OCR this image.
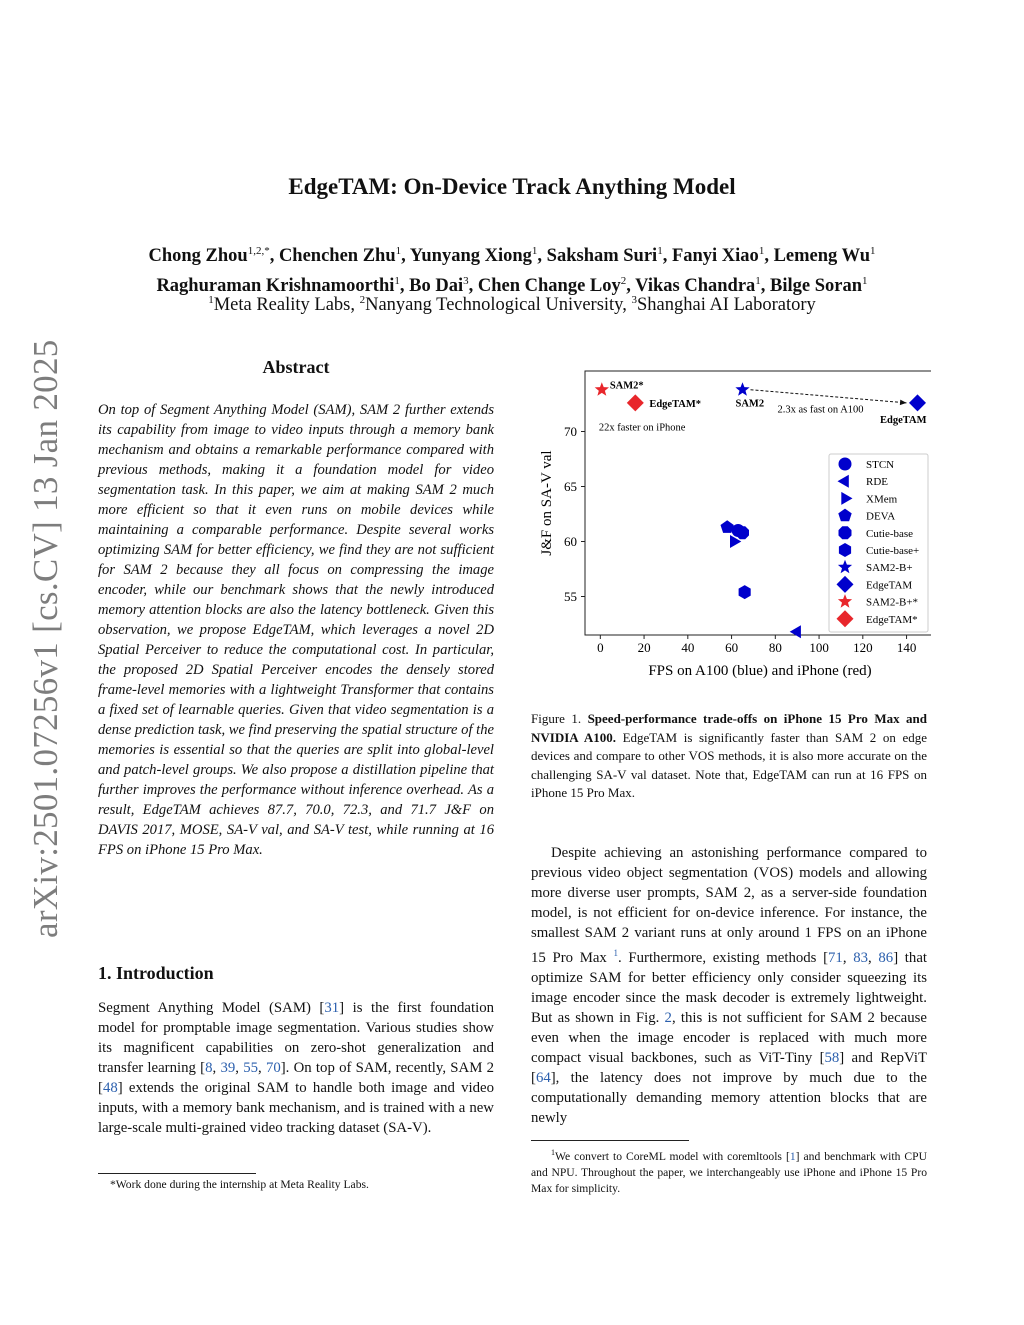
arXiv:2501.07256v1 [cs.CV] 13 Jan 2025
EdgeTAM: On-Device Track Anything Model
Chong Zhou$^{1,2,*}$, Chenchen Zhu$^1$, Yunyang Xiong$^1$, Saksham Suri$^1$, Fanyi Xiao$^1$, Lemeng Wu$^1$
Raghuraman Krishnamoorthi$^1$, Bo Dai$^3$, Chen Change Loy$^2$, Vikas Chandra$^1$, Bilge Soran$^1$
$^1$Meta Reality Labs, $^2$Nanyang Technological University, $^3$Shanghai AI Laboratory
Abstract

On top of Segment Anything Model (SAM), SAM 2 further extends its capability from image to video inputs through a memory bank mechanism and obtains a remarkable performance compared with previous methods, making it a foundation model for video segmentation task. In this paper, we aim at making SAM 2 much more efficient so that it even runs on mobile devices while maintaining a comparable performance. Despite several works optimizing SAM for better efficiency, we find they are not sufficient for SAM 2 because they all focus on compressing the image encoder, while our benchmark shows that the newly introduced memory attention blocks are also the latency bottleneck. Given this observation, we propose EdgeTAM, which leverages a novel 2D Spatial Perceiver to reduce the computational cost. In particular, the proposed 2D Spatial Perceiver encodes the densely stored frame-level memories with a lightweight Transformer that contains a fixed set of learnable queries. Given that video segmentation is a dense prediction task, we find preserving the spatial structure of the memories is essential so that the queries are split into global-level and patch-level groups. We also propose a distillation pipeline that further improves the performance without inference overhead. As a result, EdgeTAM achieves 87.7, 70.0, 72.3, and 71.7 J&F on DAVIS 2017, MOSE, SA-V val, and SA-V test, while running at 16 FPS on iPhone 15 Pro Max.

1. Introduction

Segment Anything Model (SAM) [31] is the first foundation model for promptable image segmentation. Various studies show its magnificent capabilities on zero-shot generalization and transfer learning [8, 39, 55, 70]. On top of SAM, recently, SAM 2 [48] extends the original SAM to handle both image and video inputs, with a memory bank mechanism, and is trained with a new large-scale multi-grained video tracking dataset (SA-V).

*Work done during the internship at Meta Reality Labs.
0	20 40 60 80 100 120 140
55
60
65
70
STCN
RDE
XMem
DEVA
Cutie-base
Cutie-base+
SAM2-B+
EdgeTAM
SAM2-B+*
EdgeTAM*
SAM2*
EdgeTAM*	SAM2
2.3x as fast on A100
EdgeTAM
22x faster on iPhone
FPS on A100 (blue) and iPhone (red)
J&F on SA-V val
Figure 1. Speed-performance trade-offs on iPhone 15 Pro Max and NVIDIA A100. EdgeTAM is significantly faster than SAM 2 on edge devices and compare to other VOS methods, it is also more accurate on the challenging SA-V val dataset. Note that, EdgeTAM can run at 16 FPS on iPhone 15 Pro Max.

Despite achieving an astonishing performance compared to previous video object segmentation (VOS) models and allowing more diverse user prompts, SAM 2, as a server-side foundation model, is not efficient for on-device inference. For instance, the smallest SAM 2 variant runs at only around 1 FPS on an iPhone 15 Pro Max $^1$. Furthermore, existing methods [71, 83, 86] that optimize SAM for better efficiency only consider squeezing its image encoder since the mask decoder is extremely lightweight. But as shown in Fig. 2, this is not sufficient for SAM 2 because even when the image encoder is replaced with much more compact visual backbones, such as ViT-Tiny [58] and RepViT [64], the latency does not improve by much due to the computationally demanding memory attention blocks that are newly

$^1$We convert to CoreML model with coremltools [1] and benchmark with CPU and NPU. Throughout the paper, we interchangeably use iPhone and iPhone 15 Pro Max for simplicity.
